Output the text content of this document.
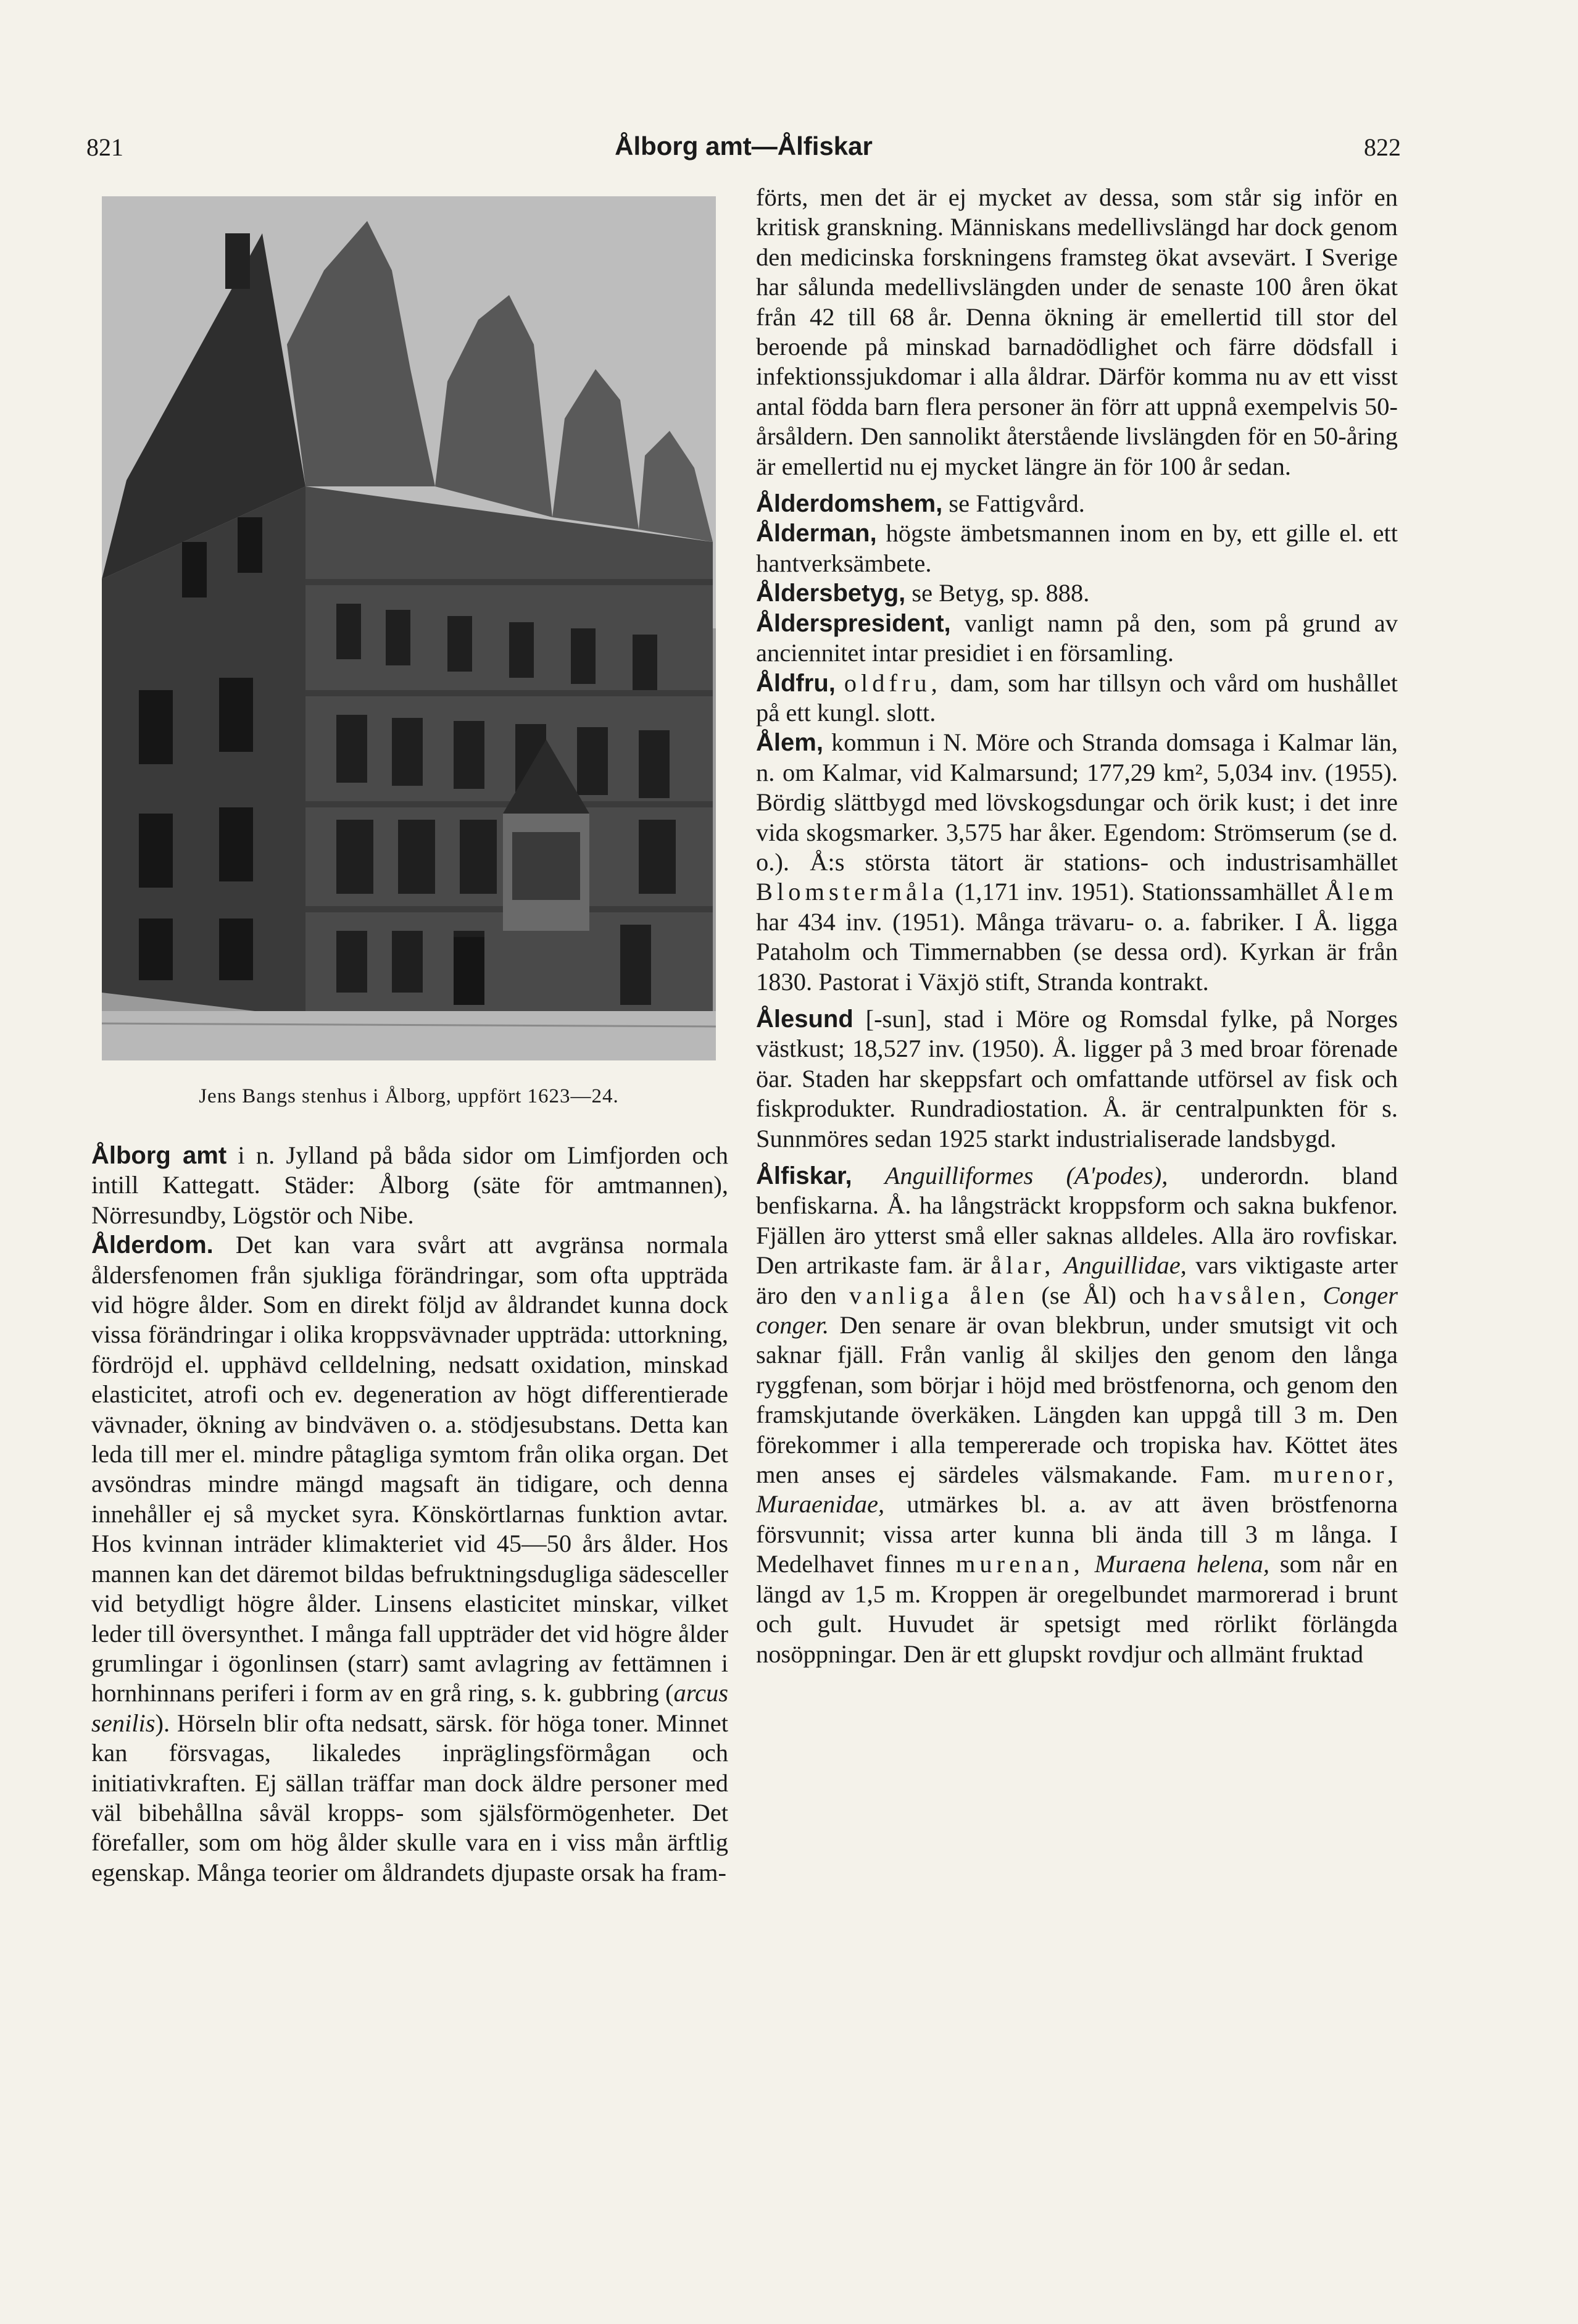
821	Ålborg amt—Ålfiskar	822
Jens Bangs stenhus i Ålborg, uppfört 1623—24.

Ålborg amt i n. Jylland på båda sidor om Limfjorden och intill Kattegatt. Städer: Ålborg (säte för amtmannen), Nörresundby, Lögstör och Nibe.

Ålderdom. Det kan vara svårt att avgränsa normala åldersfenomen från sjukliga förändringar, som ofta uppträda vid högre ålder. Som en direkt följd av åldrandet kunna dock vissa förändringar i olika kroppsvävnader uppträda: uttorkning, fördröjd el. upphävd celldelning, nedsatt oxidation, minskad elasticitet, atrofi och ev. degeneration av högt differentierade vävnader, ökning av bindväven o. a. stödjesubstans. Detta kan leda till mer el. mindre påtagliga symtom från olika organ. Det avsöndras mindre mängd magsaft än tidigare, och denna innehåller ej så mycket syra. Könskörtlarnas funktion avtar. Hos kvinnan inträder klimakteriet vid 45—50 års ålder. Hos mannen kan det däremot bildas befruktningsdugliga sädesceller vid betydligt högre ålder. Linsens elasticitet minskar, vilket leder till översynthet. I många fall uppträder det vid högre ålder grumlingar i ögonlinsen (starr) samt avlagring av fettämnen i hornhinnans periferi i form av en grå ring, s. k. gubbring (arcus senilis). Hörseln blir ofta nedsatt, särsk. för höga toner. Minnet kan försvagas, likaledes inpräglingsförmågan och initiativkraften. Ej sällan träffar man dock äldre personer med väl bibehållna såväl kropps- som själsförmögenheter. Det förefaller, som om hög ålder skulle vara en i viss mån ärftlig egenskap. Många teorier om åldrandets djupaste orsak ha fram-

förts, men det är ej mycket av dessa, som står sig inför en kritisk granskning. Människans medellivslängd har dock genom den medicinska forskningens framsteg ökat avsevärt. I Sverige har sålunda medellivslängden under de senaste 100 åren ökat från 42 till 68 år. Denna ökning är emellertid till stor del beroende på minskad barnadödlighet och färre dödsfall i infektionssjukdomar i alla åldrar. Därför komma nu av ett visst antal födda barn flera personer än förr att uppnå exempelvis 50-årsåldern. Den sannolikt återstående livslängden för en 50-åring är emellertid nu ej mycket längre än för 100 år sedan.

Ålderdomshem, se Fattigvård.

Ålderman, högste ämbetsmannen inom en by, ett gille el. ett hantverksämbete.

Åldersbetyg, se Betyg, sp. 888.

Ålderspresident, vanligt namn på den, som på grund av anciennitet intar presidiet i en församling.

Åldfru, oldfru, dam, som har tillsyn och vård om hushållet på ett kungl. slott.

Ålem, kommun i N. Möre och Stranda domsaga i Kalmar län, n. om Kalmar, vid Kalmarsund; 177,29 km², 5,034 inv. (1955). Bördig slättbygd med lövskogsdungar och örik kust; i det inre vida skogsmarker. 3,575 har åker. Egendom: Strömserum (se d. o.). Å:s största tätort är stations- och industrisamhället Blomstermåla (1,171 inv. 1951). Stationssamhället Ålem har 434 inv. (1951). Många trävaru- o. a. fabriker. I Å. ligga Pataholm och Timmernabben (se dessa ord). Kyrkan är från 1830. Pastorat i Växjö stift, Stranda kontrakt.

Ålesund [-sun], stad i Möre og Romsdal fylke, på Norges västkust; 18,527 inv. (1950). Å. ligger på 3 med broar förenade öar. Staden har skeppsfart och omfattande utförsel av fisk och fiskprodukter. Rundradiostation. Å. är centralpunkten för s. Sunnmöres sedan 1925 starkt industrialiserade landsbygd.

Ålfiskar, Anguilliformes (A'podes), underordn. bland benfiskarna. Å. ha långsträckt kroppsform och sakna bukfenor. Fjällen äro ytterst små eller saknas alldeles. Alla äro rovfiskar. Den artrikaste fam. är ålar, Anguillidae, vars viktigaste arter äro den vanliga ålen (se Ål) och havsålen, Conger conger. Den senare är ovan blekbrun, under smutsigt vit och saknar fjäll. Från vanlig ål skiljes den genom den långa ryggfenan, som börjar i höjd med bröstfenorna, och genom den framskjutande överkäken. Längden kan uppgå till 3 m. Den förekommer i alla tempererade och tropiska hav. Köttet ätes men anses ej särdeles välsmakande. Fam. murenor, Muraenidae, utmärkes bl. a. av att även bröstfenorna försvunnit; vissa arter kunna bli ända till 3 m långa. I Medelhavet finnes murenan, Muraena helena, som når en längd av 1,5 m. Kroppen är oregelbundet marmorerad i brunt och gult. Huvudet är spetsigt med rörlikt förlängda nosöppningar. Den är ett glupskt rovdjur och allmänt fruktad
